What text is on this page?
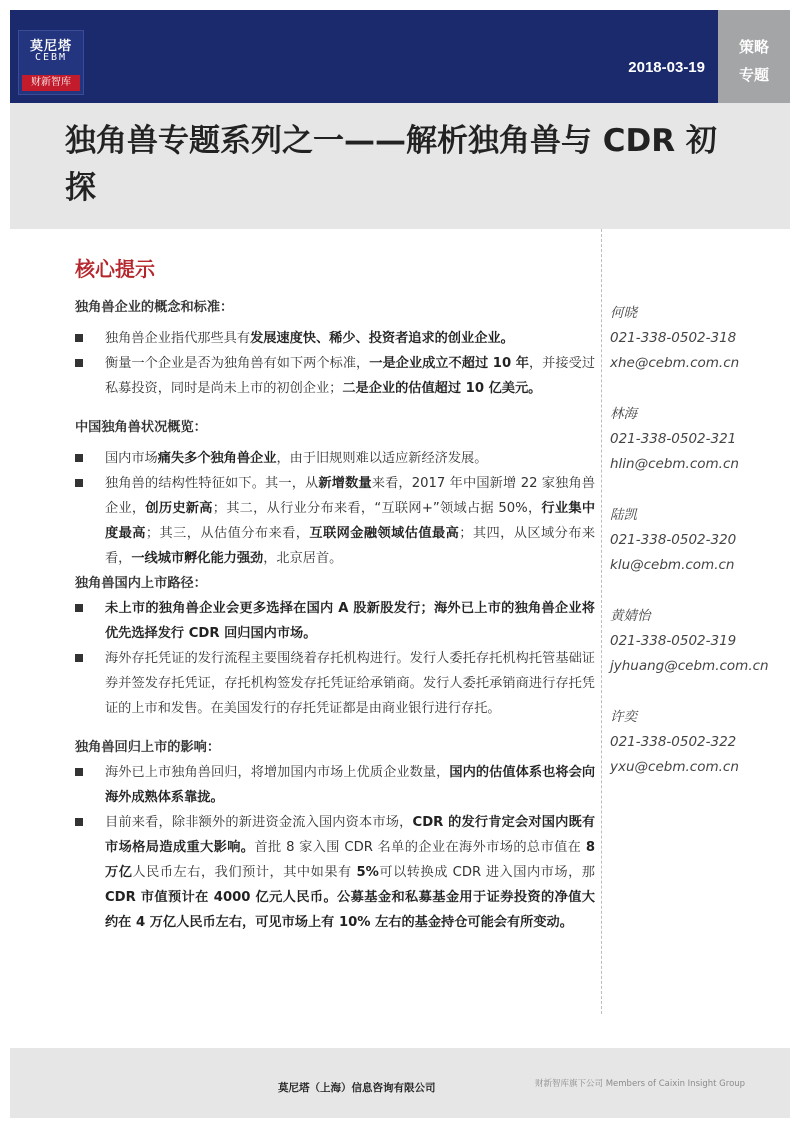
莫尼塔
CEBM
财新智库
2018-03-19
策略
专题
独角兽专题系列之一——解析独角兽与 CDR 初探
核心提示
独角兽企业的概念和标准：
独角兽企业指代那些具有发展速度快、稀少、投资者追求的创业企业。
衡量一个企业是否为独角兽有如下两个标准，一是企业成立不超过 10 年，并接受过私募投资，同时是尚未上市的初创企业；二是企业的估值超过 10 亿美元。
中国独角兽状况概览：
国内市场痛失多个独角兽企业，由于旧规则难以适应新经济发展。
独角兽的结构性特征如下。其一，从新增数量来看，2017 年中国新增 22 家独角兽企业，创历史新高；其二，从行业分布来看，“互联网+”领域占据 50%，行业集中度最高；其三，从估值分布来看，互联网金融领域估值最高；其四，从区域分布来看，一线城市孵化能力强劲，北京居首。
独角兽国内上市路径：
未上市的独角兽企业会更多选择在国内 A 股新股发行；海外已上市的独角兽企业将优先选择发行 CDR 回归国内市场。
海外存托凭证的发行流程主要围绕着存托机构进行。发行人委托存托机构托管基础证券并签发存托凭证，存托机构签发存托凭证给承销商。发行人委托承销商进行存托凭证的上市和发售。在美国发行的存托凭证都是由商业银行进行存托。
独角兽回归上市的影响：
海外已上市独角兽回归，将增加国内市场上优质企业数量，国内的估值体系也将会向海外成熟体系靠拢。
目前来看，除非额外的新进资金流入国内资本市场，CDR 的发行肯定会对国内既有市场格局造成重大影响。首批 8 家入围 CDR 名单的企业在海外市场的总市值在 8 万亿人民币左右，我们预计，其中如果有 5%可以转换成 CDR 进入国内市场，那 CDR 市值预计在 4000 亿元人民币。公募基金和私募基金用于证券投资的净值大约在 4 万亿人民币左右，可见市场上有 10% 左右的基金持仓可能会有所变动。
何晓
021-338-0502-318
xhe@cebm.com.cn
林海
021-338-0502-321
hlin@cebm.com.cn
陆凯
021-338-0502-320
klu@cebm.com.cn
黄婧怡
021-338-0502-319
jyhuang@cebm.com.cn
许奕
021-338-0502-322
yxu@cebm.com.cn
莫尼塔（上海）信息咨询有限公司	财新智库旗下公司 Members of Caixin Insight Group
